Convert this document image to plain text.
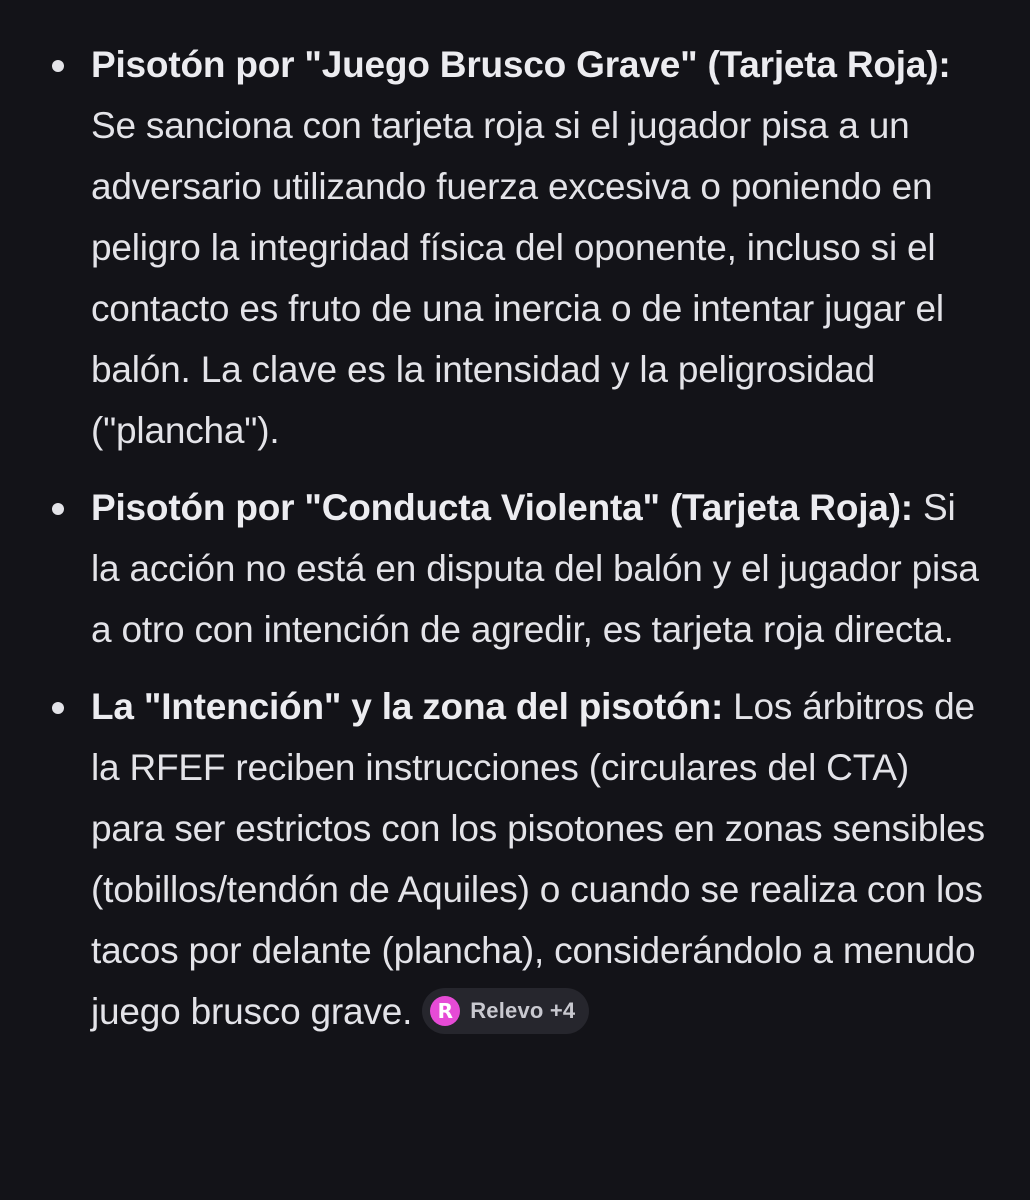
Pisotón por "Juego Brusco Grave" (Tarjeta Roja): Se sanciona con tarjeta roja si el jugador pisa a un adversario utilizando fuerza excesiva o poniendo en peligro la integridad física del oponente, incluso si el contacto es fruto de una inercia o de intentar jugar el balón. La clave es la intensidad y la peligrosidad ("plancha").
Pisotón por "Conducta Violenta" (Tarjeta Roja): Si la acción no está en disputa del balón y el jugador pisa a otro con intención de agredir, es tarjeta roja directa.
La "Intención" y la zona del pisotón: Los árbitros de la RFEF reciben instrucciones (circulares del CTA) para ser estrictos con los pisotones en zonas sensibles (tobillos/tendón de Aquiles) o cuando se realiza con los tacos por delante (plancha), considerándolo a menudo juego brusco grave.	R Relevo +4
